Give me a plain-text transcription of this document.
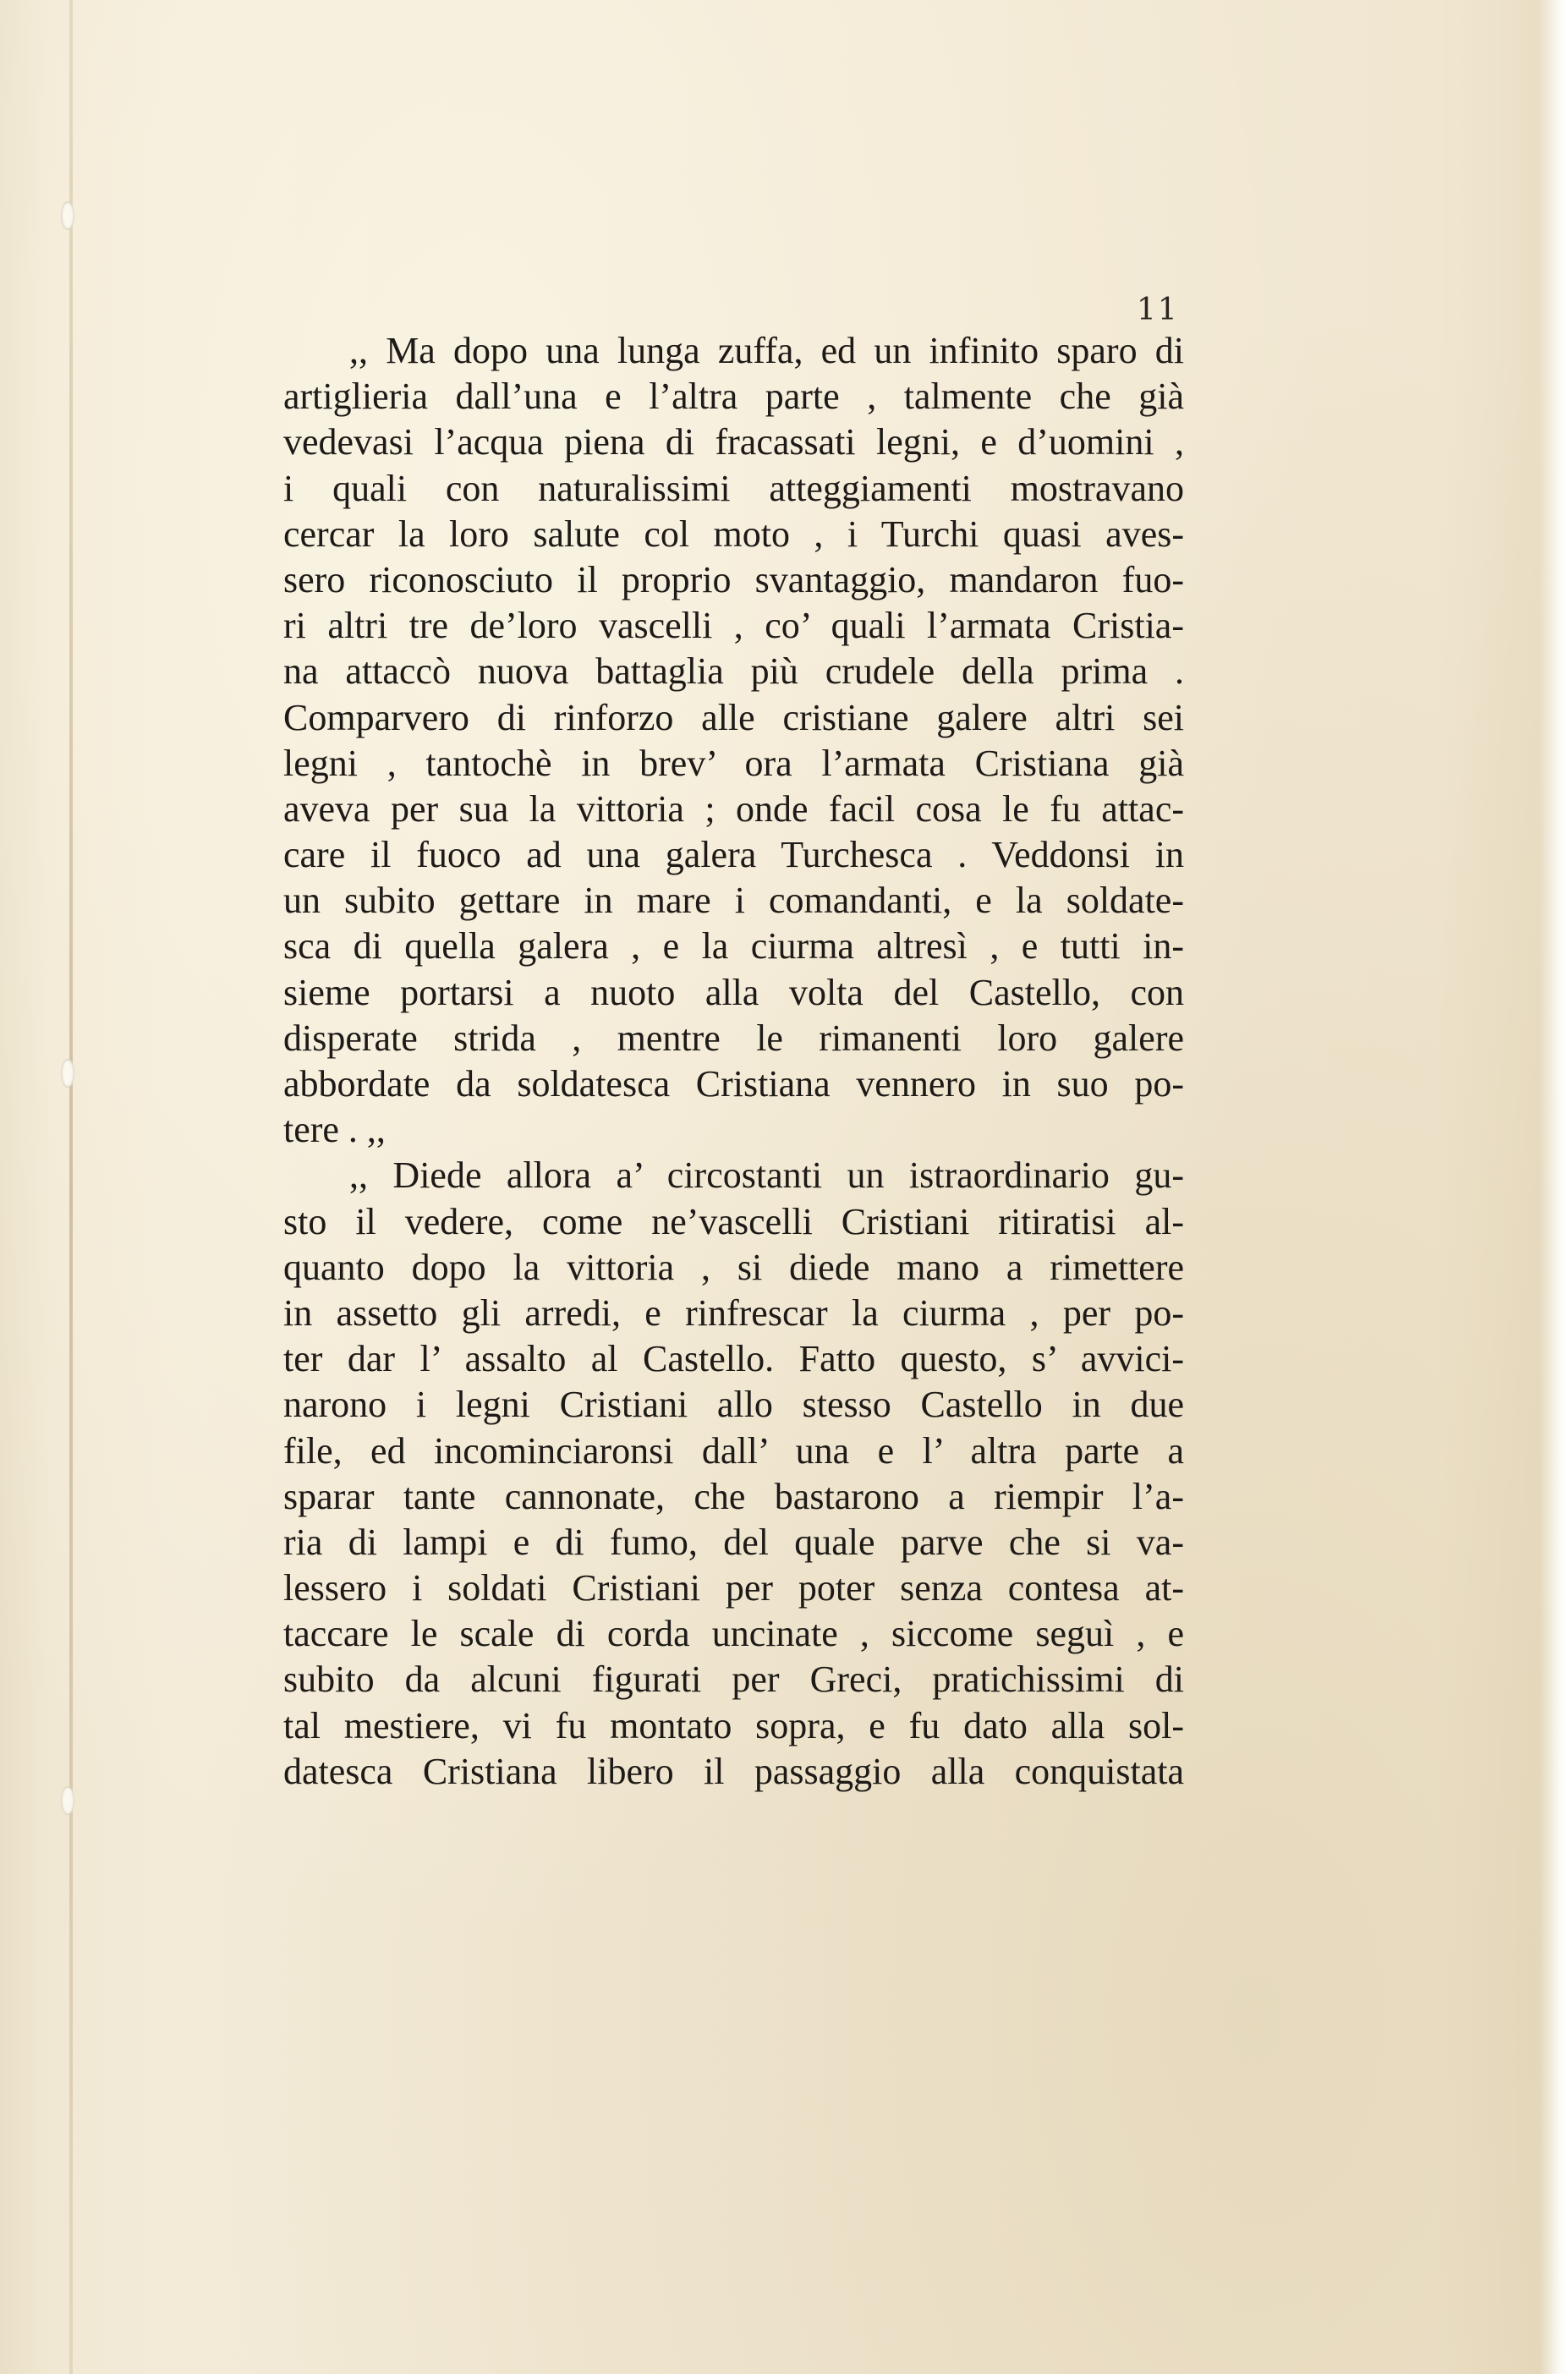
11
,, Ma dopo una lunga zuffa, ed un infinito sparo di
artiglieria dall’una e l’altra parte , talmente che già
vedevasi l’acqua piena di fracassati legni, e d’uomini ,
i quali con naturalissimi atteggiamenti mostravano
cercar la loro salute col moto , i Turchi quasi aves-
sero riconosciuto il proprio svantaggio, mandaron fuo-
ri altri tre de’loro vascelli , co’ quali l’armata Cristia-
na attaccò nuova battaglia più crudele della prima .
Comparvero di rinforzo alle cristiane galere altri sei
legni , tantochè in brev’ ora l’armata Cristiana già
aveva per sua la vittoria ; onde facil cosa le fu attac-
care il fuoco ad una galera Turchesca . Veddonsi in
un subito gettare in mare i comandanti, e la soldate-
sca di quella galera , e la ciurma altresì , e tutti in-
sieme portarsi a nuoto alla volta del Castello, con
disperate strida , mentre le rimanenti loro galere
abbordate da soldatesca Cristiana vennero in suo po-
tere . ,,
,, Diede allora a’ circostanti un istraordinario gu-
sto il vedere, come ne’vascelli Cristiani ritiratisi al-
quanto dopo la vittoria , si diede mano a rimettere
in assetto gli arredi, e rinfrescar la ciurma , per po-
ter dar l’ assalto al Castello. Fatto questo, s’ avvici-
narono i legni Cristiani allo stesso Castello in due
file, ed incominciaronsi dall’ una e l’ altra parte a
sparar tante cannonate, che bastarono a riempir l’a-
ria di lampi e di fumo, del quale parve che si va-
lessero i soldati Cristiani per poter senza contesa at-
taccare le scale di corda uncinate , siccome seguì , e
subito da alcuni figurati per Greci, pratichissimi di
tal mestiere, vi fu montato sopra, e fu dato alla sol-
datesca Cristiana libero il passaggio alla conquistata
